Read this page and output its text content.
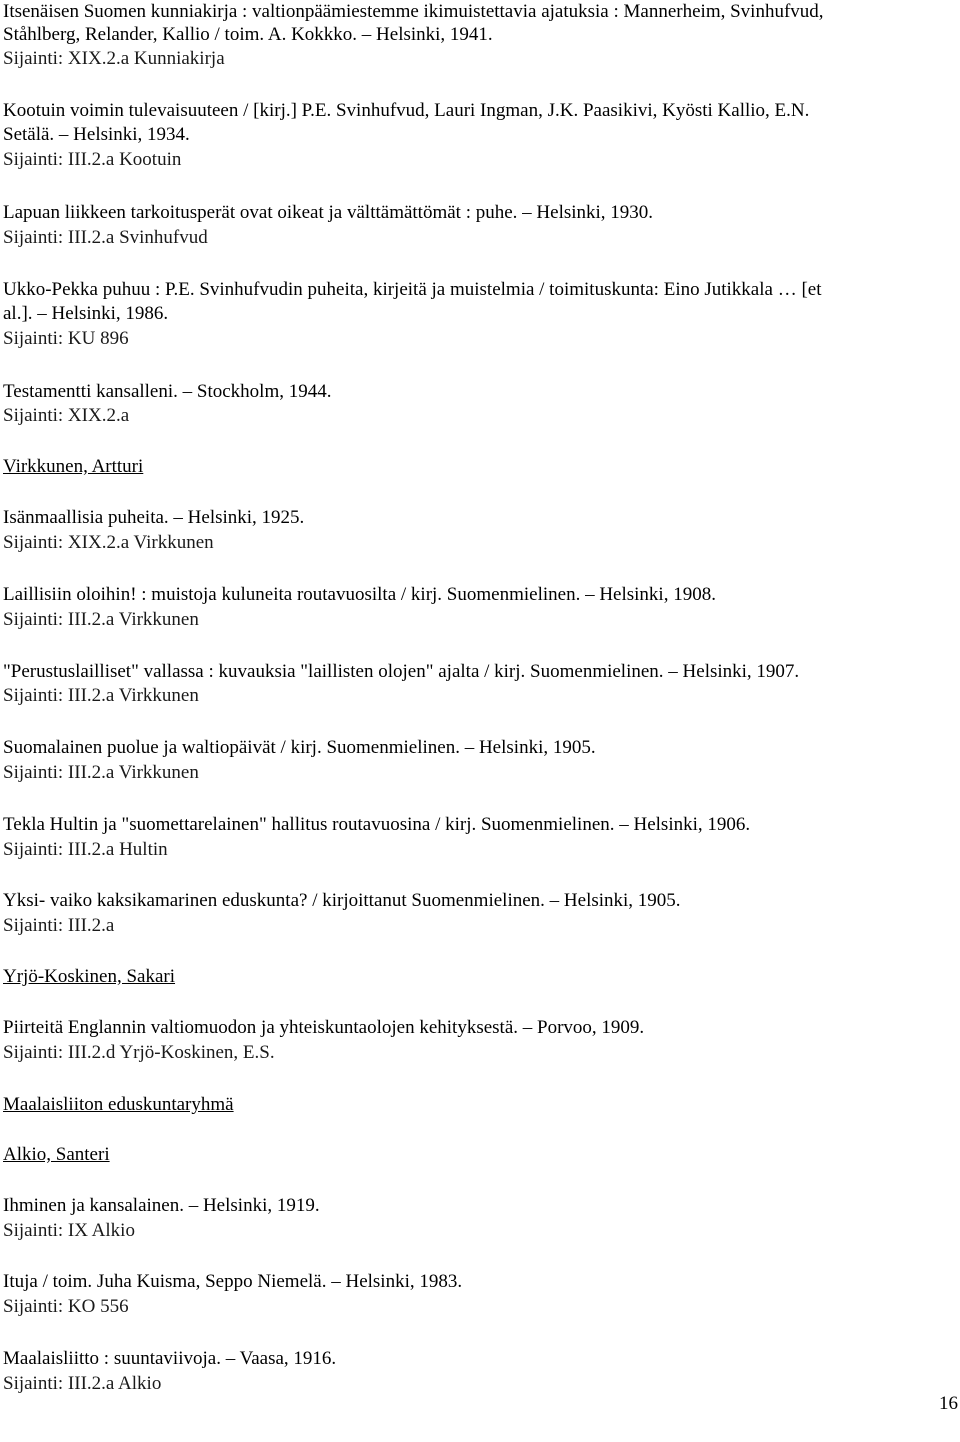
Itsenäisen Suomen kunniakirja : valtionpäämiestemme ikimuistettavia ajatuksia : Mannerheim, Svinhufvud,
Ståhlberg, Relander, Kallio / toim. A. Kokkko. – Helsinki, 1941.
Sijainti: XIX.2.a Kunniakirja
Kootuin voimin tulevaisuuteen / [kirj.] P.E. Svinhufvud, Lauri Ingman, J.K. Paasikivi, Kyösti Kallio, E.N.
Setälä. – Helsinki, 1934.
Sijainti: III.2.a Kootuin
Lapuan liikkeen tarkoitusperät ovat oikeat ja välttämättömät : puhe. – Helsinki, 1930.
Sijainti: III.2.a Svinhufvud
Ukko-Pekka puhuu : P.E. Svinhufvudin puheita, kirjeitä ja muistelmia / toimituskunta: Eino Jutikkala … [et
al.]. – Helsinki, 1986.
Sijainti: KU 896
Testamentti kansalleni. – Stockholm, 1944.
Sijainti: XIX.2.a
Virkkunen, Artturi
Isänmaallisia puheita. – Helsinki, 1925.
Sijainti: XIX.2.a Virkkunen
Laillisiin oloihin! : muistoja kuluneita routavuosilta / kirj. Suomenmielinen. – Helsinki, 1908.
Sijainti: III.2.a Virkkunen
"Perustuslailliset" vallassa : kuvauksia "laillisten olojen" ajalta / kirj. Suomenmielinen. – Helsinki, 1907.
Sijainti: III.2.a Virkkunen
Suomalainen puolue ja waltiopäivät / kirj. Suomenmielinen. – Helsinki, 1905.
Sijainti: III.2.a Virkkunen
Tekla Hultin ja "suomettarelainen" hallitus routavuosina / kirj. Suomenmielinen. – Helsinki, 1906.
Sijainti: III.2.a Hultin
Yksi- vaiko kaksikamarinen eduskunta? / kirjoittanut Suomenmielinen. – Helsinki, 1905.
Sijainti: III.2.a
Yrjö-Koskinen, Sakari
Piirteitä Englannin valtiomuodon ja yhteiskuntaolojen kehityksestä. – Porvoo, 1909.
Sijainti: III.2.d Yrjö-Koskinen, E.S.
Maalaisliiton eduskuntaryhmä
Alkio, Santeri
Ihminen ja kansalainen. – Helsinki, 1919.
Sijainti: IX Alkio
Ituja / toim. Juha Kuisma, Seppo Niemelä. – Helsinki, 1983.
Sijainti: KO 556
Maalaisliitto : suuntaviivoja. – Vaasa, 1916.
Sijainti: III.2.a Alkio
16
